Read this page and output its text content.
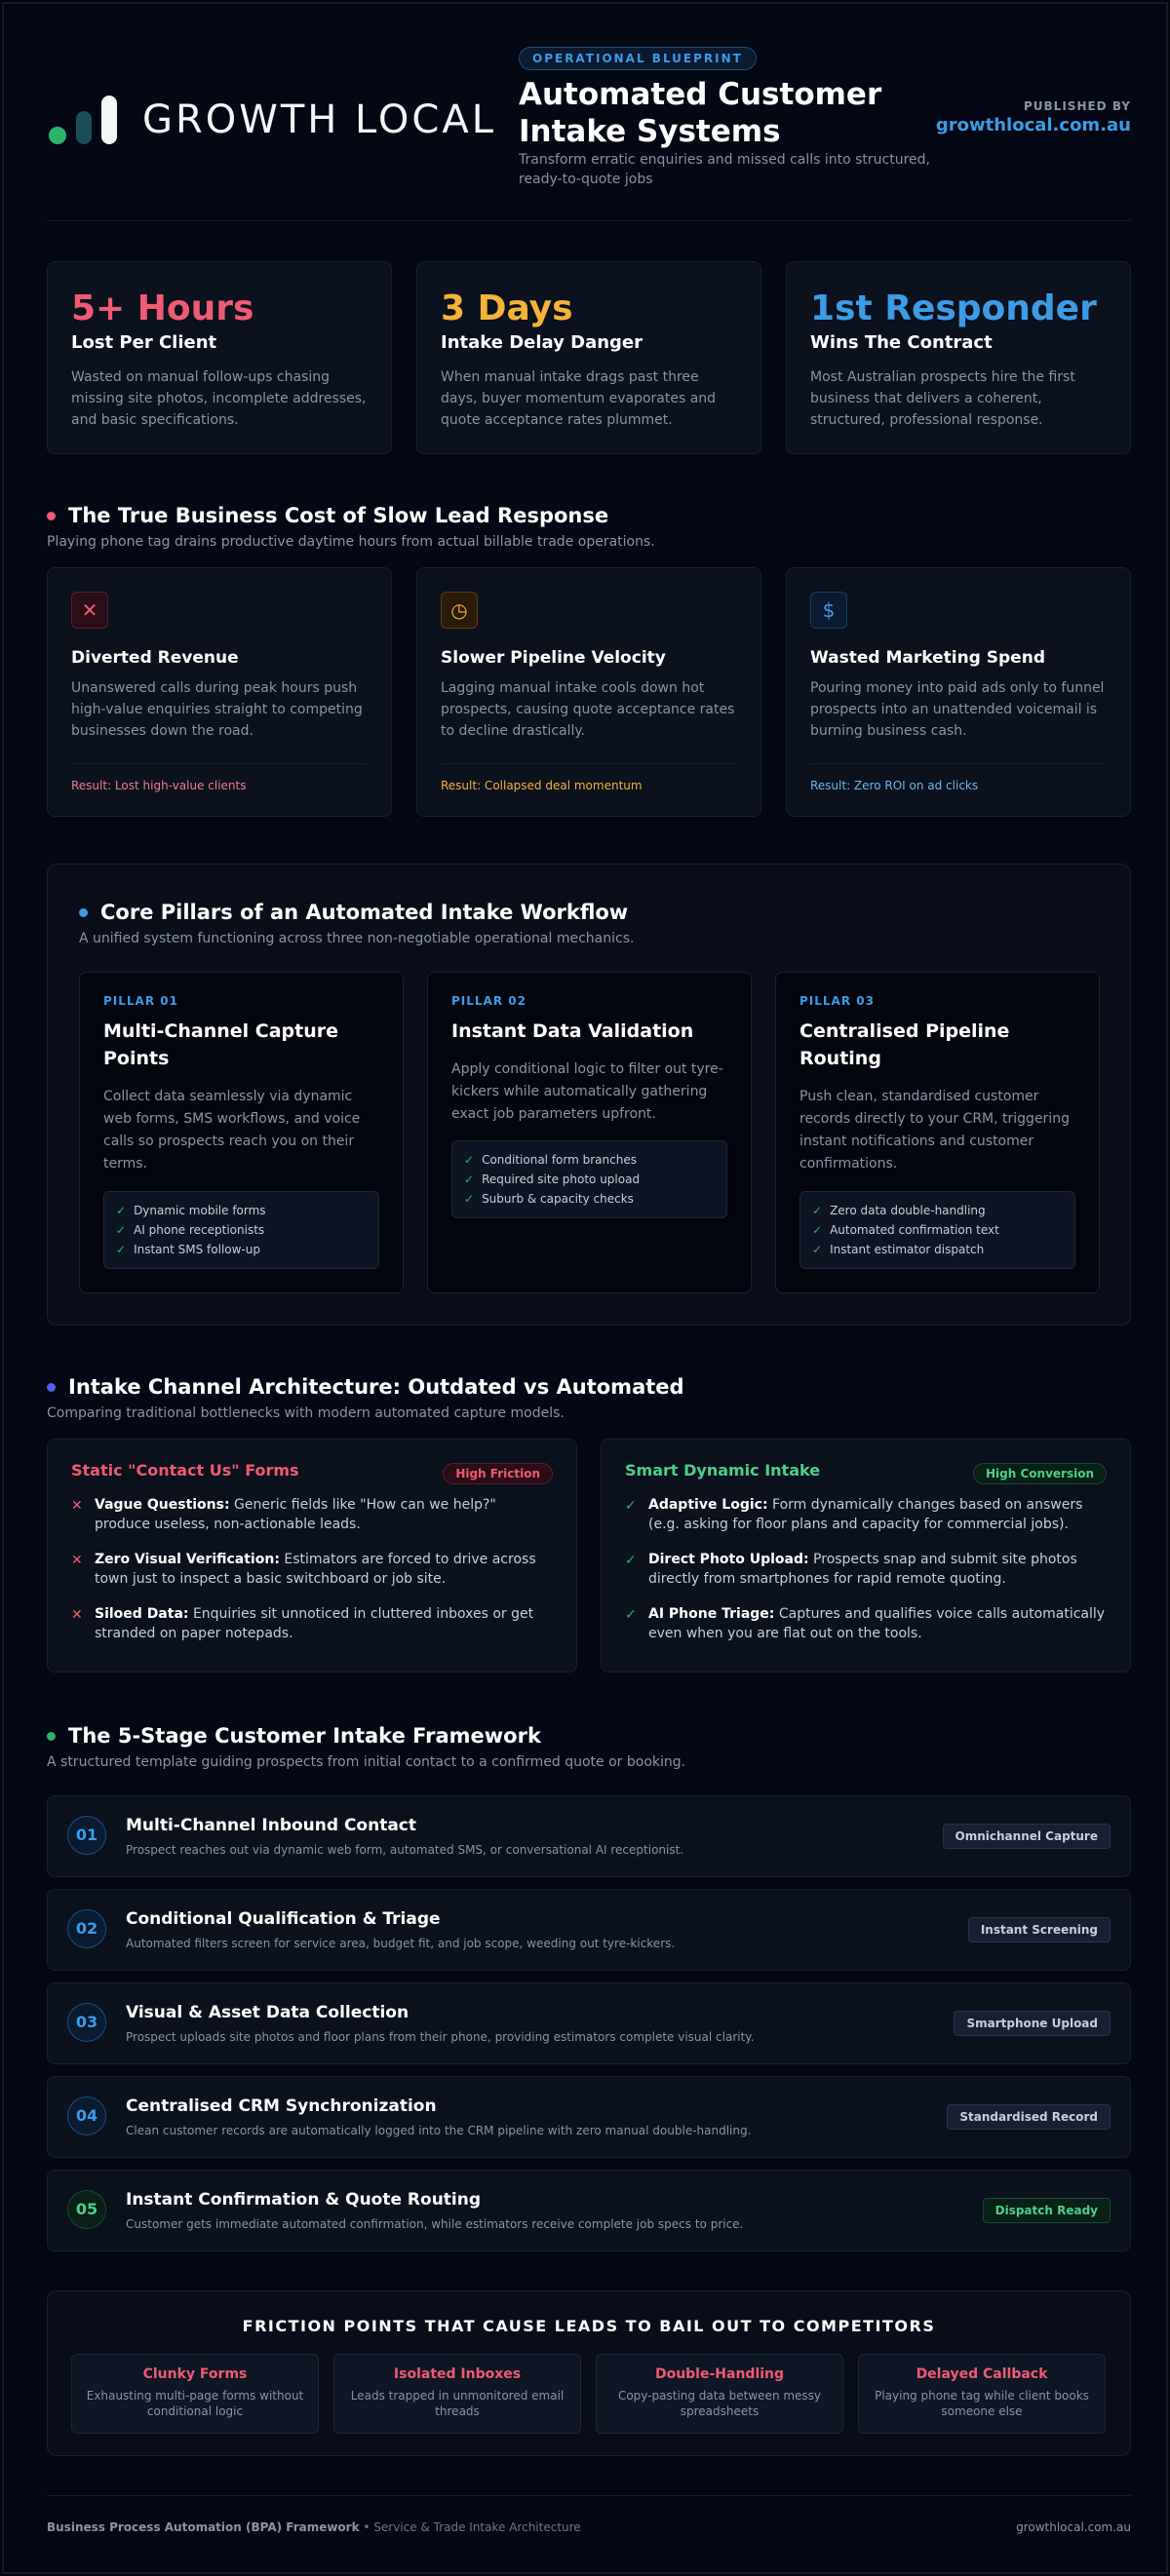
GROWTH LOCAL
OPERATIONAL BLUEPRINT
Automated Customer Intake Systems
Transform erratic enquiries and missed calls into structured, ready-to-quote jobs
PUBLISHED BY
growthlocal.com.au
5+ Hours
Lost Per Client
Wasted on manual follow-ups chasing missing site photos, incomplete addresses, and basic specifications.
3 Days
Intake Delay Danger
When manual intake drags past three days, buyer momentum evaporates and quote acceptance rates plummet.
1st Responder
Wins The Contract
Most Australian prospects hire the first business that delivers a coherent, structured, professional response.
The True Business Cost of Slow Lead Response
Playing phone tag drains productive daytime hours from actual billable trade operations.
✕
Diverted Revenue
Unanswered calls during peak hours push high-value enquiries straight to competing businesses down the road.
Result: Lost high-value clients
◷
Slower Pipeline Velocity
Lagging manual intake cools down hot prospects, causing quote acceptance rates to decline drastically.
Result: Collapsed deal momentum
$
Wasted Marketing Spend
Pouring money into paid ads only to funnel prospects into an unattended voicemail is burning business cash.
Result: Zero ROI on ad clicks
Core Pillars of an Automated Intake Workflow
A unified system functioning across three non-negotiable operational mechanics.
PILLAR 01
Multi-Channel Capture Points
Collect data seamlessly via dynamic web forms, SMS workflows, and voice calls so prospects reach you on their terms.
✓ Dynamic mobile forms
✓ AI phone receptionists
✓ Instant SMS follow-up
PILLAR 02
Instant Data Validation
Apply conditional logic to filter out tyre-kickers while automatically gathering exact job parameters upfront.
✓ Conditional form branches
✓ Required site photo upload
✓ Suburb & capacity checks
PILLAR 03
Centralised Pipeline Routing
Push clean, standardised customer records directly to your CRM, triggering instant notifications and customer confirmations.
✓ Zero data double-handling
✓ Automated confirmation text
✓ Instant estimator dispatch
Intake Channel Architecture: Outdated vs Automated
Comparing traditional bottlenecks with modern automated capture models.
Static "Contact Us" Forms	High Friction
✕ Vague Questions: Generic fields like "How can we help?" produce useless, non-actionable leads.
✕ Zero Visual Verification: Estimators are forced to drive across town just to inspect a basic switchboard or job site.
✕ Siloed Data: Enquiries sit unnoticed in cluttered inboxes or get stranded on paper notepads.
Smart Dynamic Intake	High Conversion
✓ Adaptive Logic: Form dynamically changes based on answers (e.g. asking for floor plans and capacity for commercial jobs).
✓ Direct Photo Upload: Prospects snap and submit site photos directly from smartphones for rapid remote quoting.
✓ AI Phone Triage: Captures and qualifies voice calls automatically even when you are flat out on the tools.
The 5-Stage Customer Intake Framework
A structured template guiding prospects from initial contact to a confirmed quote or booking.
01	Multi-Channel Inbound Contact
Prospect reaches out via dynamic web form, automated SMS, or conversational AI receptionist.
Omnichannel Capture
02	Conditional Qualification & Triage
Automated filters screen for service area, budget fit, and job scope, weeding out tyre-kickers.
Instant Screening
03	Visual & Asset Data Collection
Prospect uploads site photos and floor plans from their phone, providing estimators complete visual clarity.
Smartphone Upload
04	Centralised CRM Synchronization
Clean customer records are automatically logged into the CRM pipeline with zero manual double-handling.
Standardised Record
05	Instant Confirmation & Quote Routing
Customer gets immediate automated confirmation, while estimators receive complete job specs to price.
Dispatch Ready
FRICTION POINTS THAT CAUSE LEADS TO BAIL OUT TO COMPETITORS
Clunky Forms
Exhausting multi-page forms without conditional logic
Isolated Inboxes
Leads trapped in unmonitored email threads
Double-Handling
Copy-pasting data between messy spreadsheets
Delayed Callback
Playing phone tag while client books someone else
Business Process Automation (BPA) Framework • Service & Trade Intake Architecture	growthlocal.com.au
